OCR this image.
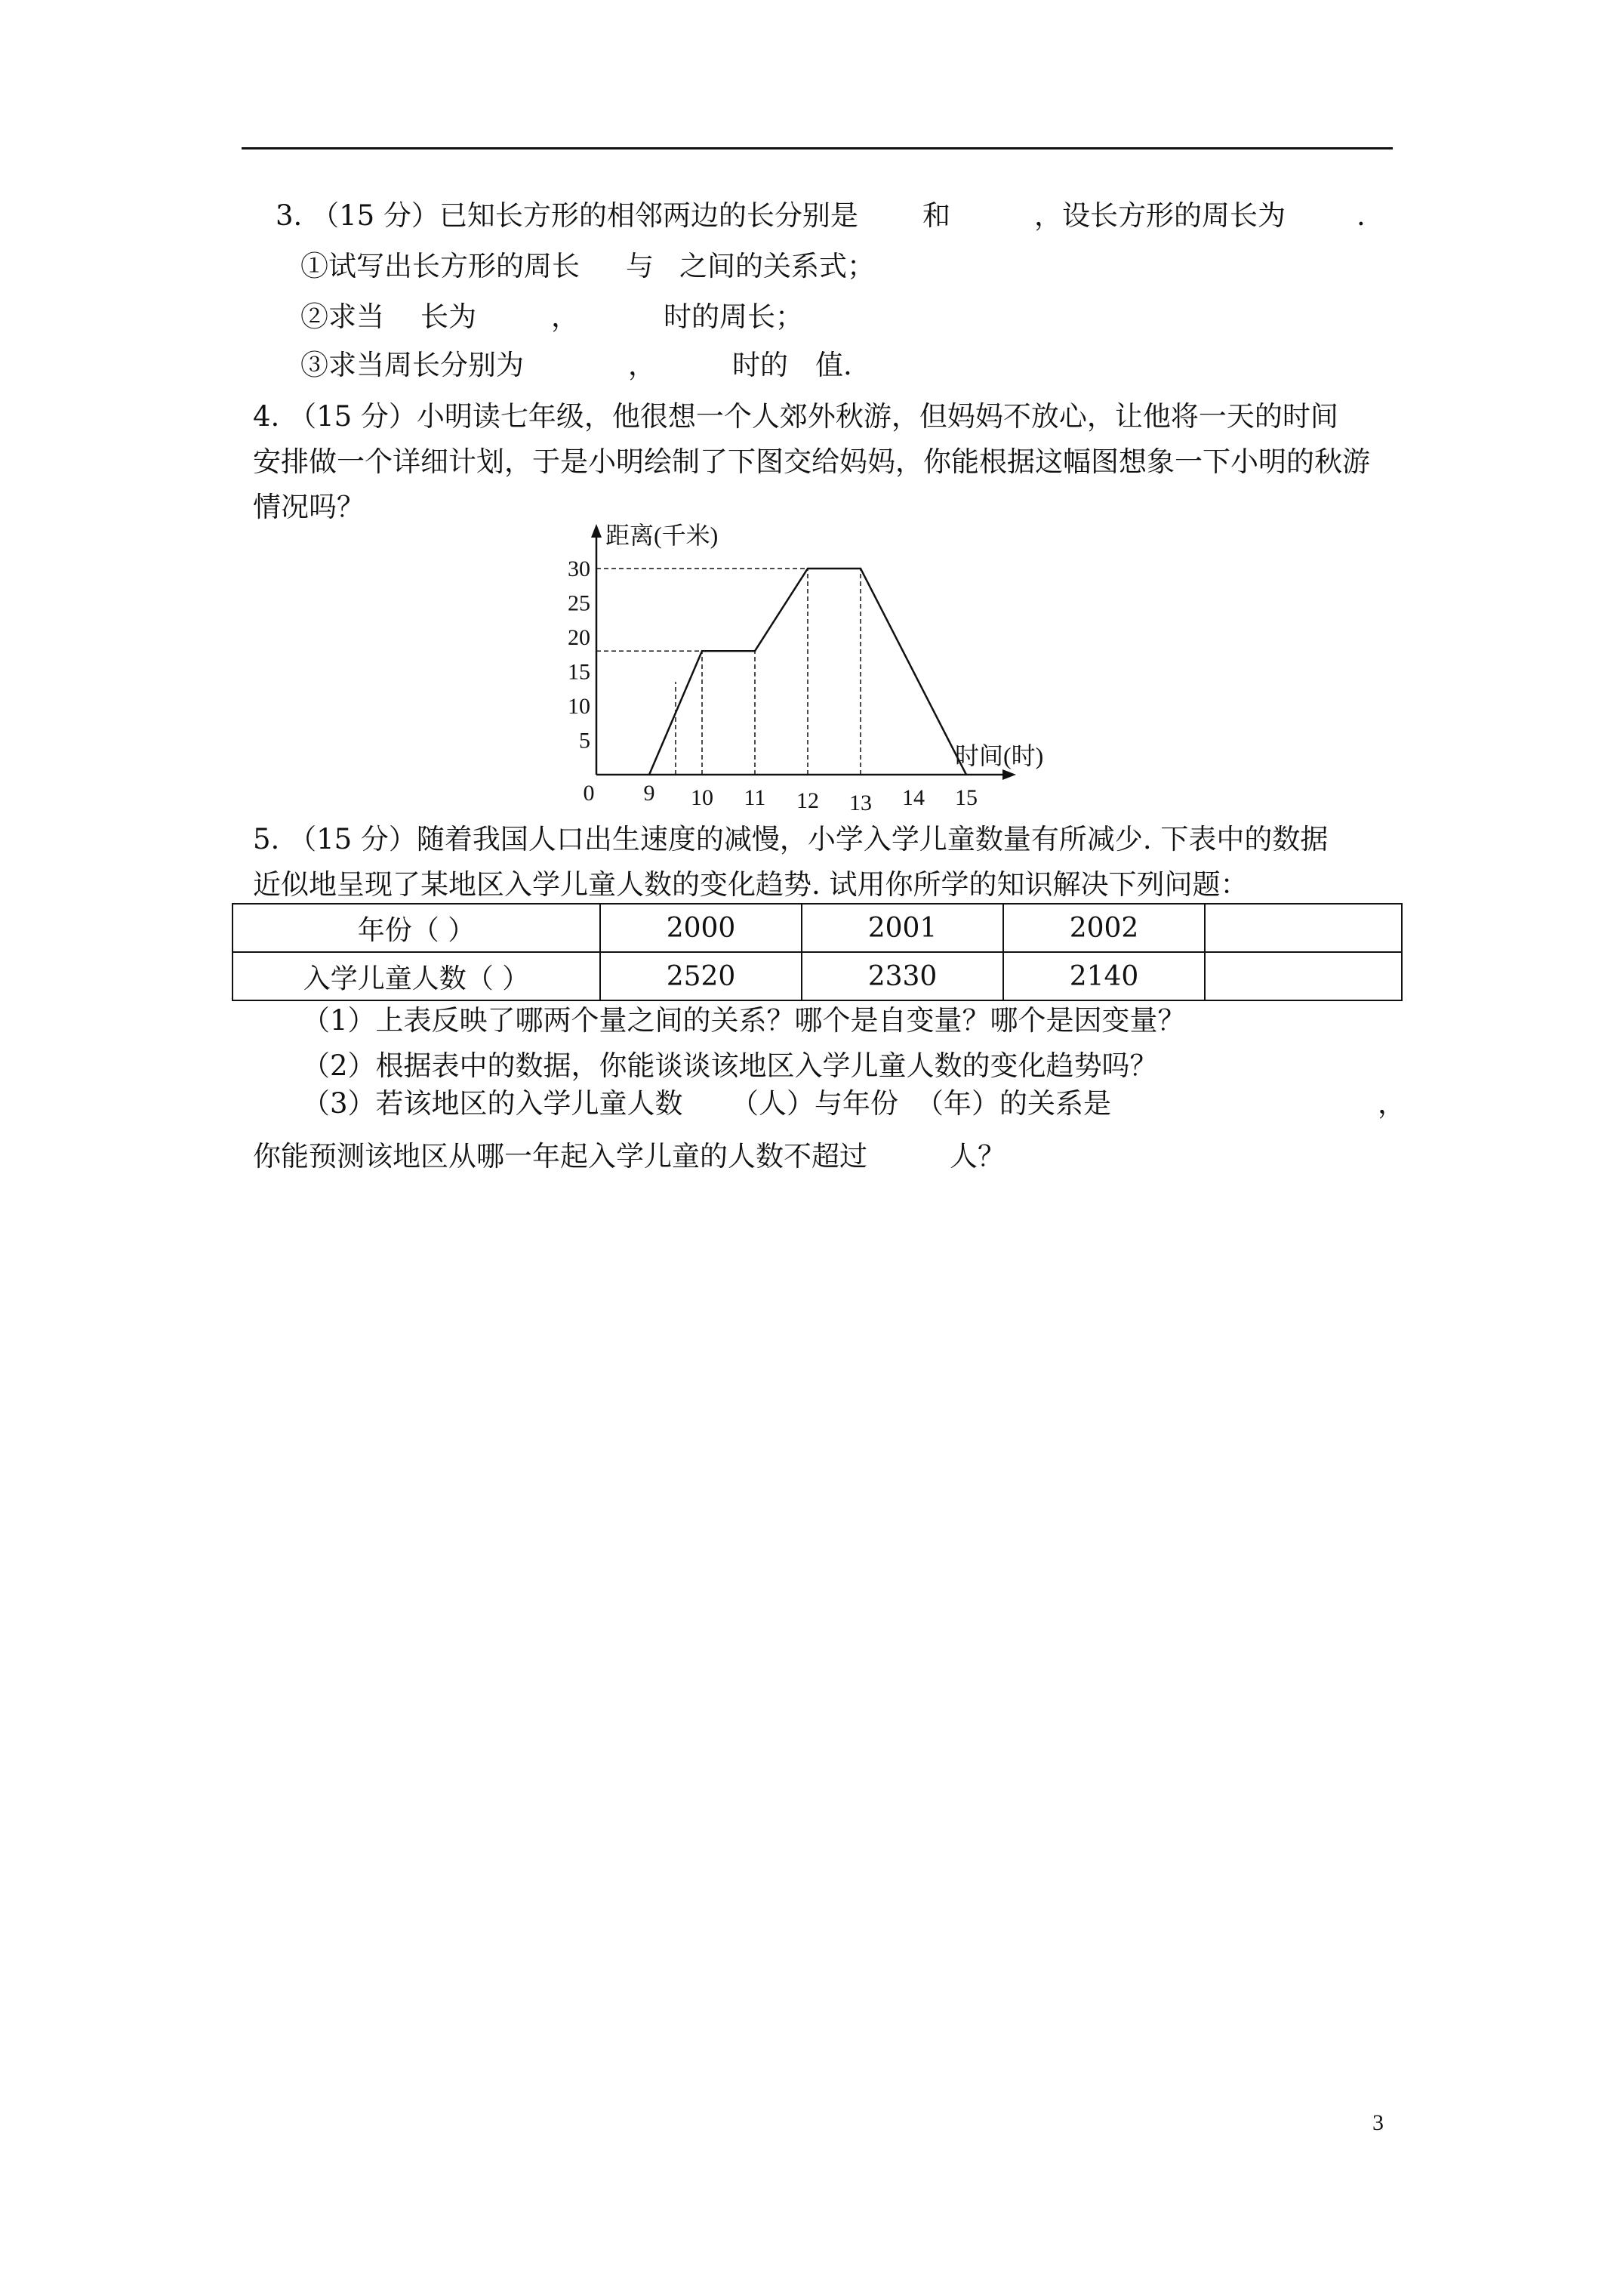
3. （15 分）已知长方形的相邻两边的长分别是 和	，设长方形的周长为	.
①试写出长方形的周长 与 之间的关系式；
②求当 长为	，	时的周长；
③求当周长分别为	，	时的 值.
4. （15 分）小明读七年级，他很想一个人郊外秋游，但妈妈不放心，让他将一天的时间
安排做一个详细计划，于是小明绘制了下图交给妈妈，你能根据这幅图想象一下小明的秋游
情况吗？
0 9 10 11 12 13 14 15
5
10
15
20
25
30
时间(时)
距离(千米)
5. （15 分）随着我国人口出生速度的减慢，小学入学儿童数量有所减少. 下表中的数据
近似地呈现了某地区入学儿童人数的变化趋势. 试用你所学的知识解决下列问题：
年份（ ）	2000	2001	2002	
入学儿童人数（ ）	2520	2330	2140	
（1）上表反映了哪两个量之间的关系？哪个是自变量？哪个是因变量？
（2）根据表中的数据，你能谈谈该地区入学儿童人数的变化趋势吗？
（3）若该地区的入学儿童人数 （人）与年份 （年）的关系是	，
你能预测该地区从哪一年起入学儿童的人数不超过	人？
3
